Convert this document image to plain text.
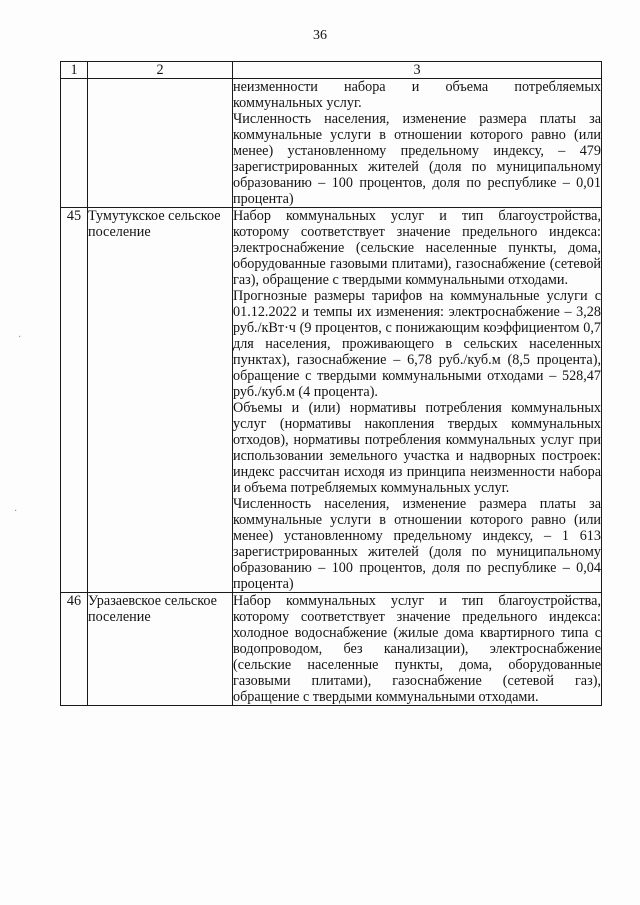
36
·
·
1	2	3

		неизменности набора и объема потребляемых коммунальных услуг.

Численность населения, изменение размера платы за коммунальные услуги в отношении которого равно (или менее) установленному предельному индексу, – 479 зарегистрированных жителей (доля по муниципальному образованию – 100 процентов, доля по республике – 0,01 процента)

45	Тумутукское сельское поселение	Набор коммунальных услуг и тип благоустройства, которому соответствует значение предельного индекса: электроснабжение (сельские населенные пункты, дома, оборудованные газовыми плитами), газоснабжение (сетевой газ), обращение с твердыми коммунальными отходами.

Прогнозные размеры тарифов на коммунальные услуги с 01.12.2022 и темпы их изменения: электроснабжение – 3,28 руб./кВт·ч (9 процентов, с понижающим коэффициентом 0,7 для населения, проживающего в сельских населенных пунктах), газоснабжение – 6,78 руб./куб.м (8,5 процента), обращение с твердыми коммунальными отходами – 528,47 руб./куб.м (4 процента).

Объемы и (или) нормативы потребления коммунальных услуг (нормативы накопления твердых коммунальных отходов), нормативы потребления коммунальных услуг при использовании земельного участка и надворных построек: индекс рассчитан исходя из принципа неизменности набора и объема потребляемых коммунальных услуг.

Численность населения, изменение размера платы за коммунальные услуги в отношении которого равно (или менее) установленному предельному индексу, – 1 613 зарегистрированных жителей (доля по муниципальному образованию – 100 процентов, доля по республике – 0,04 процента)

46	Уразаевское сельское поселение	Набор коммунальных услуг и тип благоустройства, которому соответствует значение предельного индекса: холодное водоснабжение (жилые дома квартирного типа с водопроводом, без канализации), электроснабжение (сельские населенные пункты, дома, оборудованные газовыми плитами), газоснабжение (сетевой газ), обращение с твердыми коммунальными отходами.
